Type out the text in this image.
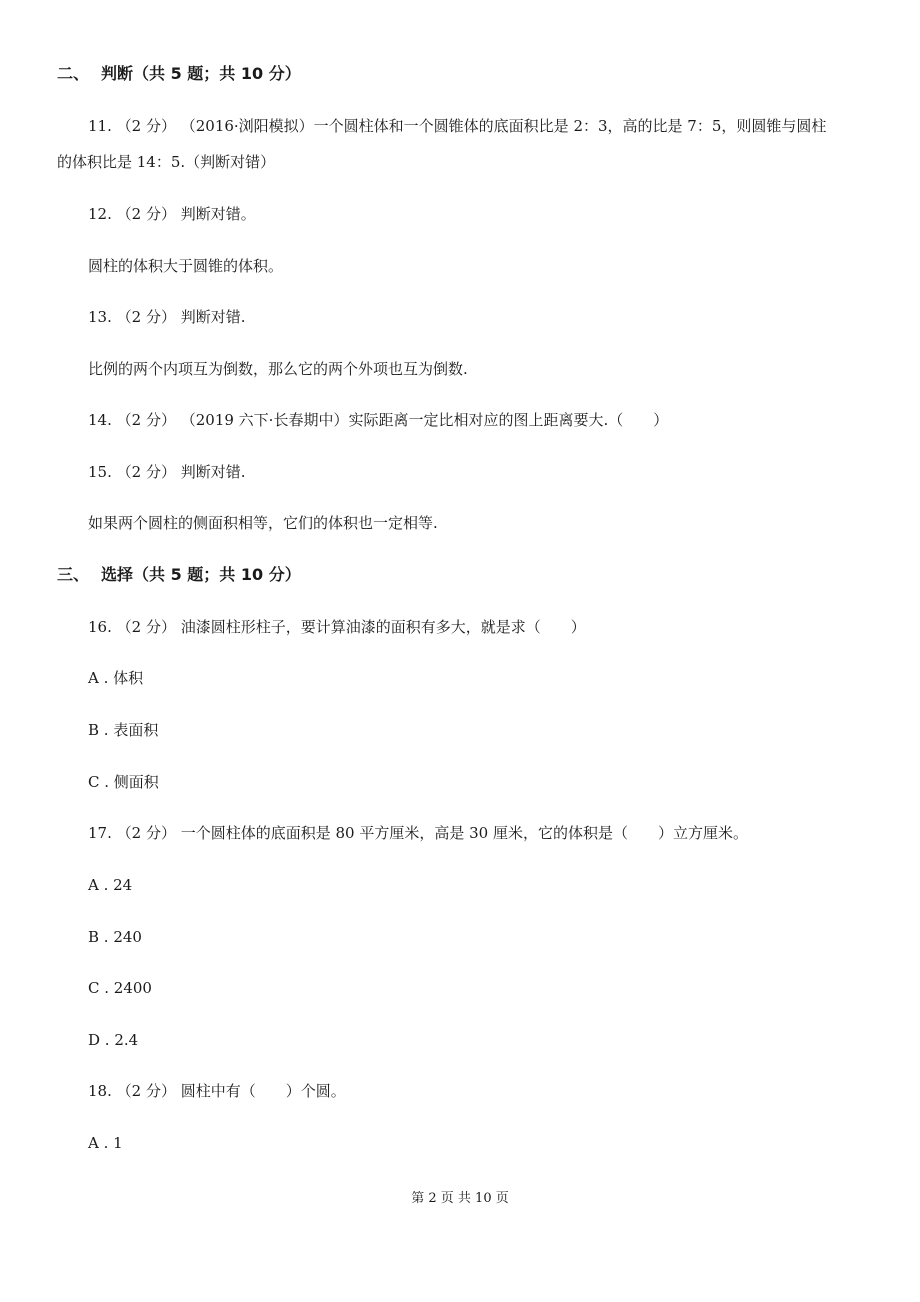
二、 判断（共 5 题；共 10 分）
11. （2 分） （2016·浏阳模拟）一个圆柱体和一个圆锥体的底面积比是 2：3，高的比是 7：5，则圆锥与圆柱
的体积比是 14：5.（判断对错）
12. （2 分） 判断对错。
圆柱的体积大于圆锥的体积。
13. （2 分） 判断对错.
比例的两个内项互为倒数，那么它的两个外项也互为倒数.
14. （2 分） （2019 六下·长春期中）实际距离一定比相对应的图上距离要大.（　　）
15. （2 分） 判断对错.
如果两个圆柱的侧面积相等，它们的体积也一定相等.
三、 选择（共 5 题；共 10 分）
16. （2 分） 油漆圆柱形柱子，要计算油漆的面积有多大，就是求（　　）
A . 体积
B . 表面积
C . 侧面积
17. （2 分） 一个圆柱体的底面积是 80 平方厘米，高是 30 厘米，它的体积是（　　）立方厘米。
A . 24
B . 240
C . 2400
D . 2.4
18. （2 分） 圆柱中有（　　）个圆。
A . 1
第 2 页 共 10 页
